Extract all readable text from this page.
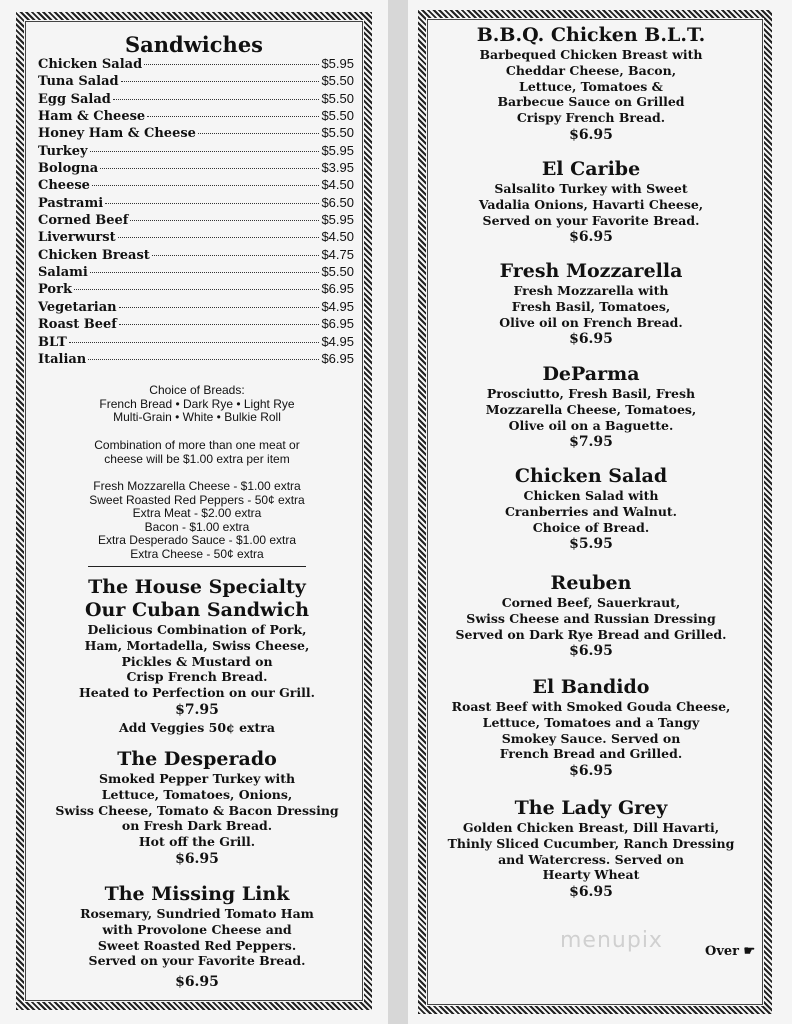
Sandwiches
Chicken Salad	$5.95
Tuna Salad	$5.50
Egg Salad	$5.50
Ham & Cheese	$5.50
Honey Ham & Cheese	$5.50
Turkey	$5.95
Bologna	$3.95
Cheese	$4.50
Pastrami	$6.50
Corned Beef	$5.95
Liverwurst	$4.50
Chicken Breast	$4.75
Salami	$5.50
Pork	$6.95
Vegetarian	$4.95
Roast Beef	$6.95
BLT	$4.95
Italian	$6.95
Choice of Breads:
French Bread • Dark Rye • Light Rye
Multi-Grain • White • Bulkie Roll
Combination of more than one meat or
cheese will be $1.00 extra per item
Fresh Mozzarella Cheese - $1.00 extra
Sweet Roasted Red Peppers - 50¢ extra
Extra Meat - $2.00 extra
Bacon - $1.00 extra
Extra Desperado Sauce - $1.00 extra
Extra Cheese - 50¢ extra
The House Specialty
Our Cuban Sandwich
Delicious Combination of Pork,
Ham, Mortadella, Swiss Cheese,
Pickles & Mustard on
Crisp French Bread.
Heated to Perfection on our Grill.
$7.95
Add Veggies 50¢ extra
The Desperado
Smoked Pepper Turkey with
Lettuce, Tomatoes, Onions,
Swiss Cheese, Tomato & Bacon Dressing
on Fresh Dark Bread.
Hot off the Grill.
$6.95
The Missing Link
Rosemary, Sundried Tomato Ham
with Provolone Cheese and
Sweet Roasted Red Peppers.
Served on your Favorite Bread.
$6.95
B.B.Q. Chicken B.L.T.
Barbequed Chicken Breast with
Cheddar Cheese, Bacon,
Lettuce, Tomatoes &
Barbecue Sauce on Grilled
Crispy French Bread.
$6.95
El Caribe
Salsalito Turkey with Sweet
Vadalia Onions, Havarti Cheese,
Served on your Favorite Bread.
$6.95
Fresh Mozzarella
Fresh Mozzarella with
Fresh Basil, Tomatoes,
Olive oil on French Bread.
$6.95
DeParma
Prosciutto, Fresh Basil, Fresh
Mozzarella Cheese, Tomatoes,
Olive oil on a Baguette.
$7.95
Chicken Salad
Chicken Salad with
Cranberries and Walnut.
Choice of Bread.
$5.95
Reuben
Corned Beef, Sauerkraut,
Swiss Cheese and Russian Dressing
Served on Dark Rye Bread and Grilled.
$6.95
El Bandido
Roast Beef with Smoked Gouda Cheese,
Lettuce, Tomatoes and a Tangy
Smokey Sauce. Served on
French Bread and Grilled.
$6.95
The Lady Grey
Golden Chicken Breast, Dill Havarti,
Thinly Sliced Cucumber, Ranch Dressing
and Watercress. Served on
Hearty Wheat
$6.95
menupix	Over ☛
